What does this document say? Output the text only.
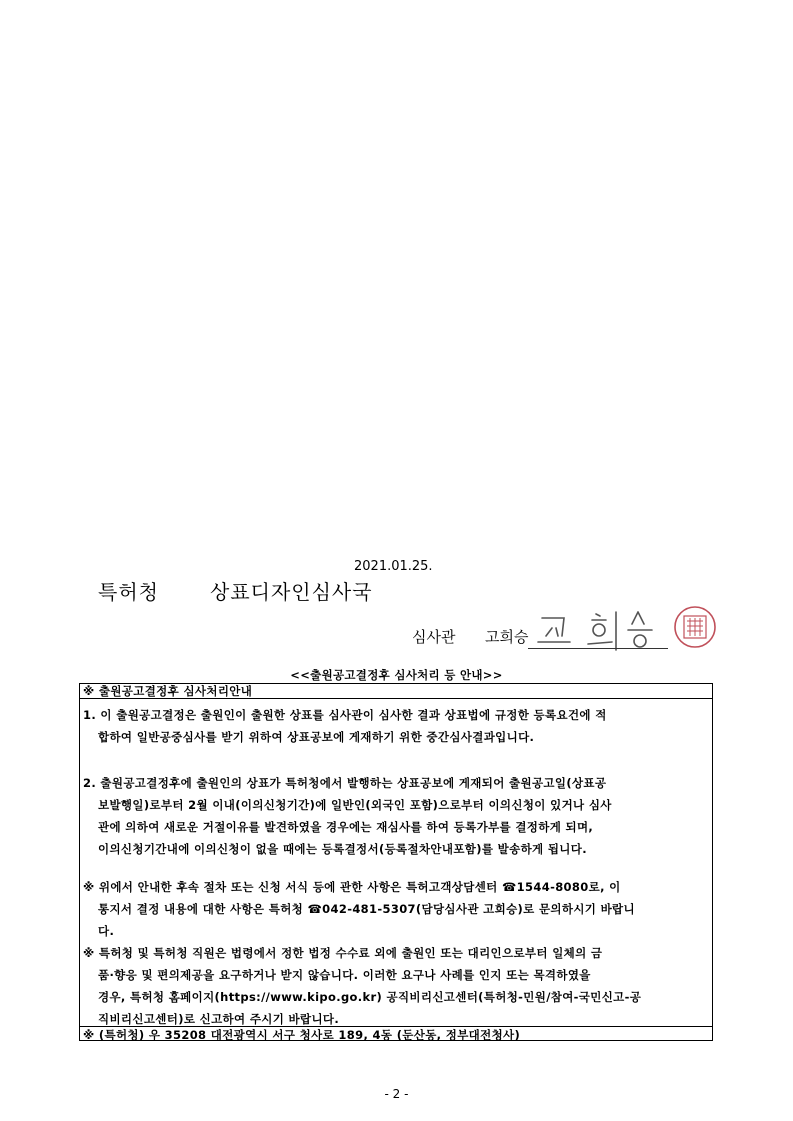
2021.01.25.
특허청	상표디자인심사국
심사관 고희승
<<출원공고결정후 심사처리 등 안내>>
※ 출원공고결정후 심사처리안내
1. 이 출원공고결정은 출원인이 출원한 상표를 심사관이 심사한 결과 상표법에 규정한 등록요건에 적
합하여 일반공중심사를 받기 위하여 상표공보에 게재하기 위한 중간심사결과입니다.
2. 출원공고결정후에 출원인의 상표가 특허청에서 발행하는 상표공보에 게재되어 출원공고일(상표공
보발행일)로부터 2월 이내(이의신청기간)에 일반인(외국인 포함)으로부터 이의신청이 있거나 심사
관에 의하여 새로운 거절이유를 발견하였을 경우에는 재심사를 하여 등록가부를 결정하게 되며,
이의신청기간내에 이의신청이 없을 때에는 등록결정서(등록절차안내포함)를 발송하게 됩니다.
※ 위에서 안내한 후속 절차 또는 신청 서식 등에 관한 사항은 특허고객상담센터 ☎1544-8080로, 이
통지서 결정 내용에 대한 사항은 특허청 ☎042-481-5307(담당심사관 고희승)로 문의하시기 바랍니
다.
※ 특허청 및 특허청 직원은 법령에서 정한 법정 수수료 외에 출원인 또는 대리인으로부터 일체의 금
품·향응 및 편의제공을 요구하거나 받지 않습니다. 이러한 요구나 사례를 인지 또는 목격하였을
경우, 특허청 홈페이지(https://www.kipo.go.kr) 공직비리신고센터(특허청-민원/참여-국민신고-공
직비리신고센터)로 신고하여 주시기 바랍니다.
※ (특허청) 우 35208 대전광역시 서구 청사로 189, 4동 (둔산동, 정부대전청사)
- 2 -
